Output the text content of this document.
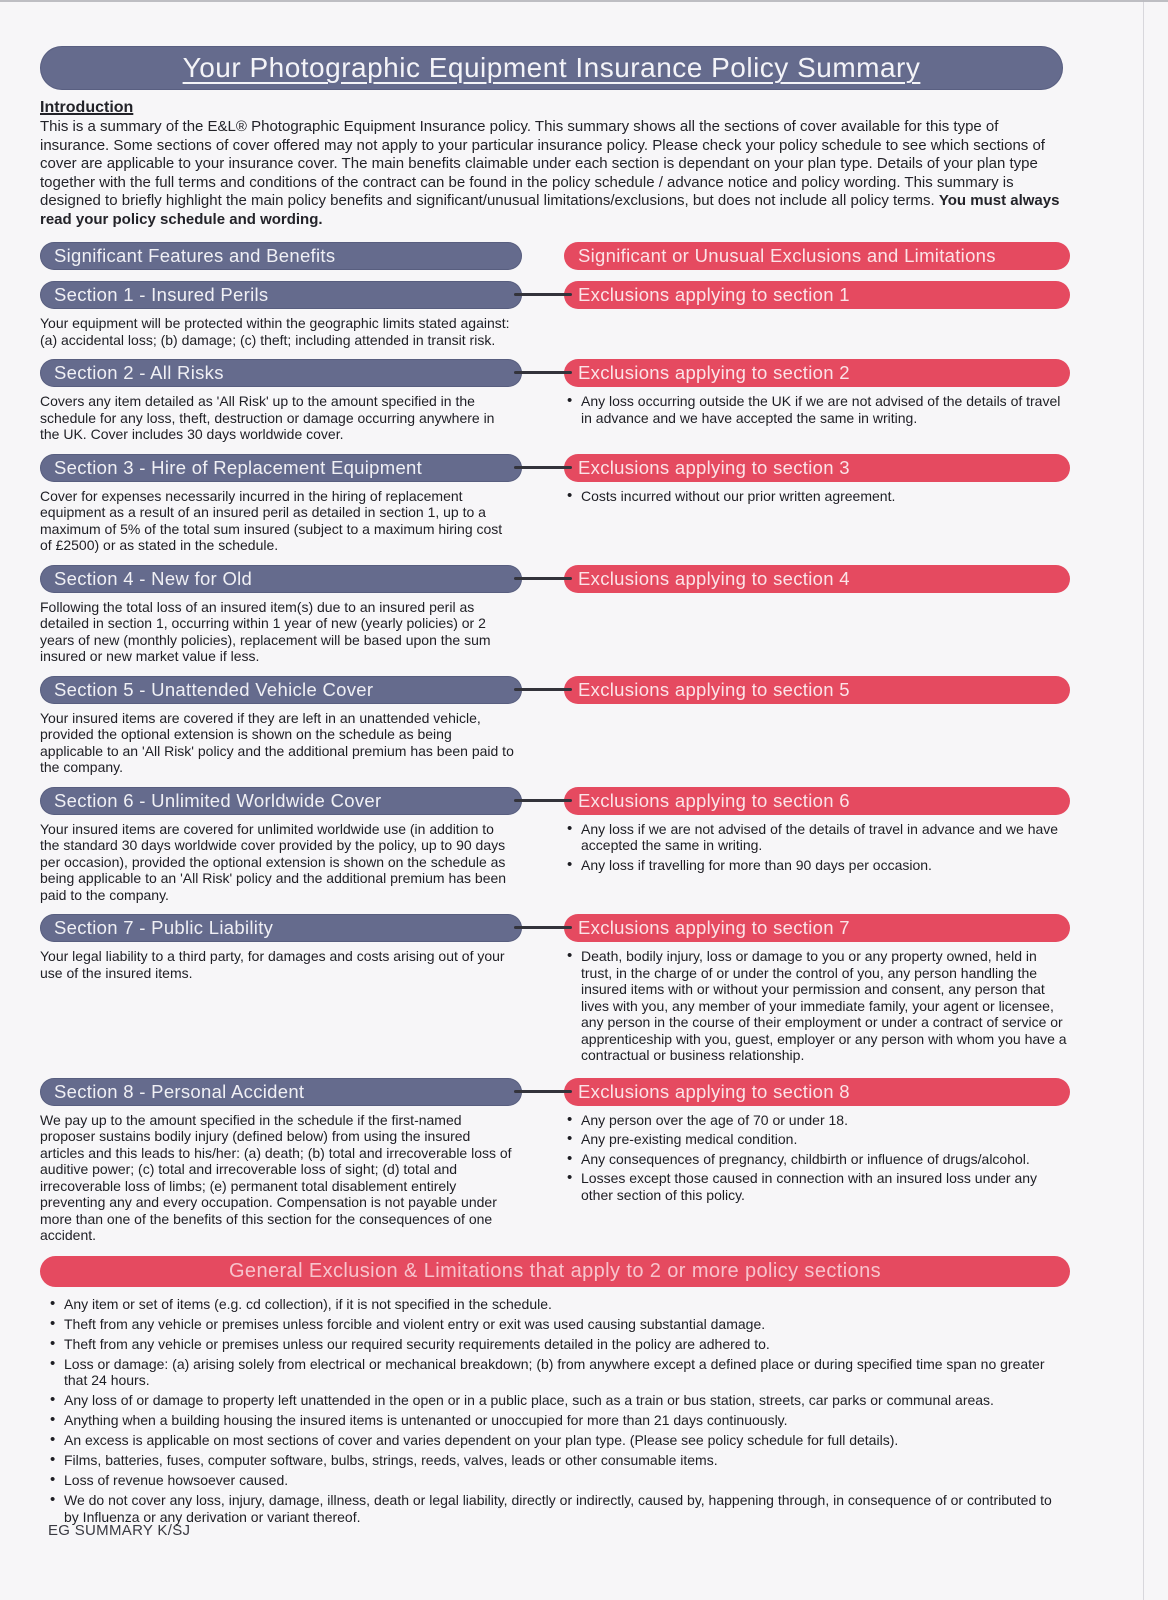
Your Photographic Equipment Insurance Policy Summary
Introduction

This is a summary of the E&L® Photographic Equipment Insurance policy. This summary shows all the sections of cover available for this type of insurance. Some sections of cover offered may not apply to your particular insurance policy. Please check your policy schedule to see which sections of cover are applicable to your insurance cover. The main benefits claimable under each section is dependant on your plan type. Details of your plan type together with the full terms and conditions of the contract can be found in the policy schedule / advance notice and policy wording. This summary is designed to briefly highlight the main policy benefits and significant/unusual limitations/exclusions, but does not include all policy terms. You must always read your policy schedule and wording.

Significant Features and Benefits	Significant or Unusual Exclusions and Limitations
Section 1 - Insured Perils	Exclusions applying to section 1
Your equipment will be protected within the geographic limits stated against: (a) accidental loss; (b) damage; (c) theft; including attended in transit risk.
Section 2 - All Risks	Exclusions applying to section 2
Covers any item detailed as 'All Risk' up to the amount specified in the schedule for any loss, theft, destruction or damage occurring anywhere in the UK. Cover includes 30 days worldwide cover.
• Any loss occurring outside the UK if we are not advised of the details of travel in advance and we have accepted the same in writing.
Section 3 - Hire of Replacement Equipment	Exclusions applying to section 3
Cover for expenses necessarily incurred in the hiring of replacement equipment as a result of an insured peril as detailed in section 1, up to a maximum of 5% of the total sum insured (subject to a maximum hiring cost of £2500) or as stated in the schedule.
• Costs incurred without our prior written agreement.
Section 4 - New for Old	Exclusions applying to section 4
Following the total loss of an insured item(s) due to an insured peril as detailed in section 1, occurring within 1 year of new (yearly policies) or 2 years of new (monthly policies), replacement will be based upon the sum insured or new market value if less.
Section 5 - Unattended Vehicle Cover	Exclusions applying to section 5
Your insured items are covered if they are left in an unattended vehicle, provided the optional extension is shown on the schedule as being applicable to an 'All Risk' policy and the additional premium has been paid to the company.
Section 6 - Unlimited Worldwide Cover	Exclusions applying to section 6
Your insured items are covered for unlimited worldwide use (in addition to the standard 30 days worldwide cover provided by the policy, up to 90 days per occasion), provided the optional extension is shown on the schedule as being applicable to an 'All Risk' policy and the additional premium has been paid to the company.
• Any loss if we are not advised of the details of travel in advance and we have accepted the same in writing.
• Any loss if travelling for more than 90 days per occasion.
Section 7 - Public Liability	Exclusions applying to section 7
Your legal liability to a third party, for damages and costs arising out of your use of the insured items.
• Death, bodily injury, loss or damage to you or any property owned, held in trust, in the charge of or under the control of you, any person handling the insured items with or without your permission and consent, any person that lives with you, any member of your immediate family, your agent or licensee, any person in the course of their employment or under a contract of service or apprenticeship with you, guest, employer or any person with whom you have a contractual or business relationship.
Section 8 - Personal Accident	Exclusions applying to section 8
We pay up to the amount specified in the schedule if the first-named proposer sustains bodily injury (defined below) from using the insured articles and this leads to his/her: (a) death; (b) total and irrecoverable loss of auditive power; (c) total and irrecoverable loss of sight; (d) total and irrecoverable loss of limbs; (e) permanent total disablement entirely preventing any and every occupation. Compensation is not payable under more than one of the benefits of this section for the consequences of one accident.
• Any person over the age of 70 or under 18.
• Any pre-existing medical condition.
• Any consequences of pregnancy, childbirth or influence of drugs/alcohol.
• Losses except those caused in connection with an insured loss under any other section of this policy.
General Exclusion & Limitations that apply to 2 or more policy sections
• Any item or set of items (e.g. cd collection), if it is not specified in the schedule.
• Theft from any vehicle or premises unless forcible and violent entry or exit was used causing substantial damage.
• Theft from any vehicle or premises unless our required security requirements detailed in the policy are adhered to.
• Loss or damage: (a) arising solely from electrical or mechanical breakdown; (b) from anywhere except a defined place or during specified time span no greater that 24 hours.
• Any loss of or damage to property left unattended in the open or in a public place, such as a train or bus station, streets, car parks or communal areas.
• Anything when a building housing the insured items is untenanted or unoccupied for more than 21 days continuously.
• An excess is applicable on most sections of cover and varies dependent on your plan type. (Please see policy schedule for full details).
• Films, batteries, fuses, computer software, bulbs, strings, reeds, valves, leads or other consumable items.
• Loss of revenue howsoever caused.
• We do not cover any loss, injury, damage, illness, death or legal liability, directly or indirectly, caused by, happening through, in consequence of or contributed to by Influenza or any derivation or variant thereof.
EG SUMMARY K/SJ
